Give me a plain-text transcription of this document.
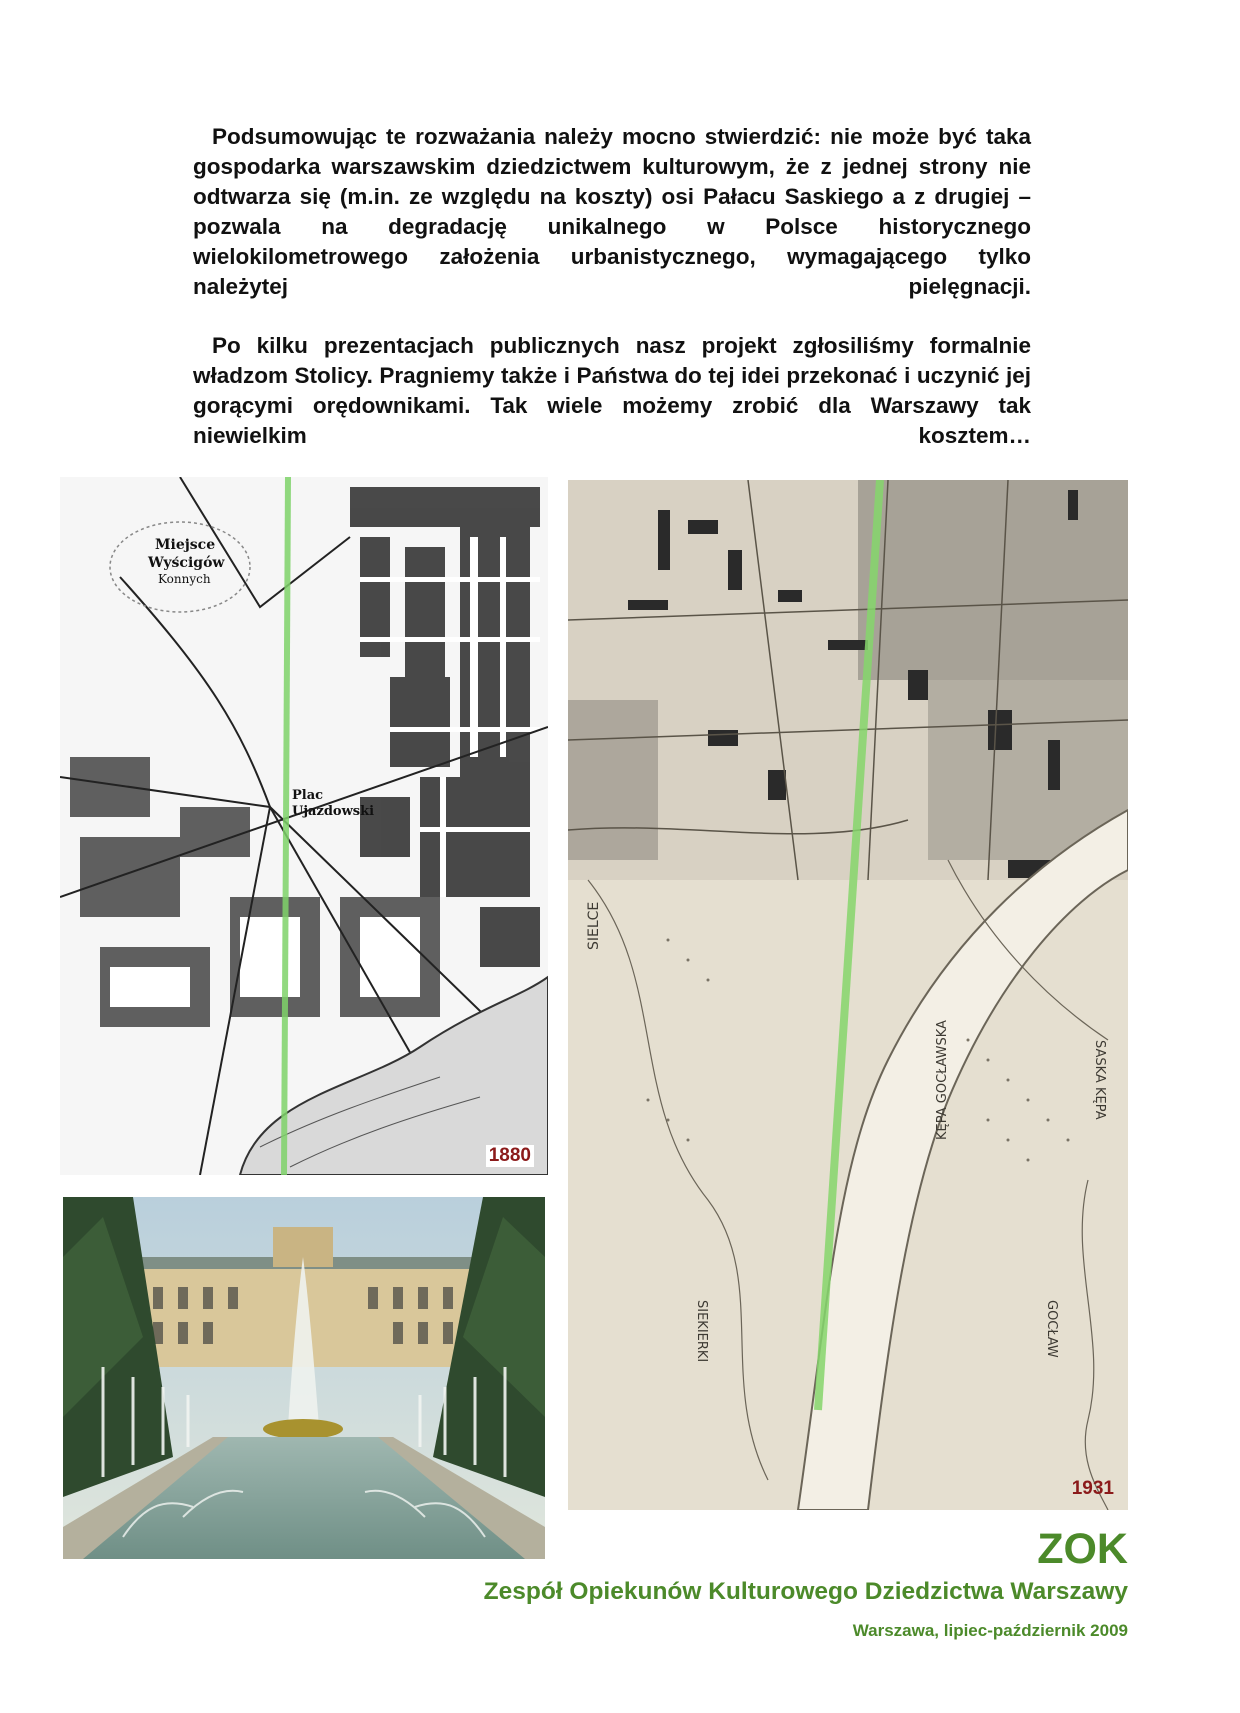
Podsumowując te rozważania należy mocno stwierdzić: nie może być taka gospodarka warszawskim dziedzictwem kulturowym, że z jednej strony nie odtwarza się (m.in. ze względu na koszty) osi Pałacu Saskiego a z drugiej – pozwala na degradację unikalnego w Polsce historycznego wielokilometrowego założenia urbanistycznego, wymagającego tylko należytej pielęgnacji.

Po kilku prezentacjach publicznych nasz projekt zgłosiliśmy formalnie władzom Stolicy. Pragniemy także i Państwa do tej idei przekonać i uczynić jej gorącymi orędownikami. Tak wiele możemy zrobić dla Warszawy tak niewielkim kosztem…

Miejsce
Wyścigów
Konnych
Plac
Ujazdowski
1880
SIELCE
SIEKIERKI
KĘPA GOCŁAWSKA	SASKA KĘPA
GOCŁAW
1931
ZOK
Zespół Opiekunów Kulturowego Dziedzictwa Warszawy
Warszawa, lipiec-październik 2009
